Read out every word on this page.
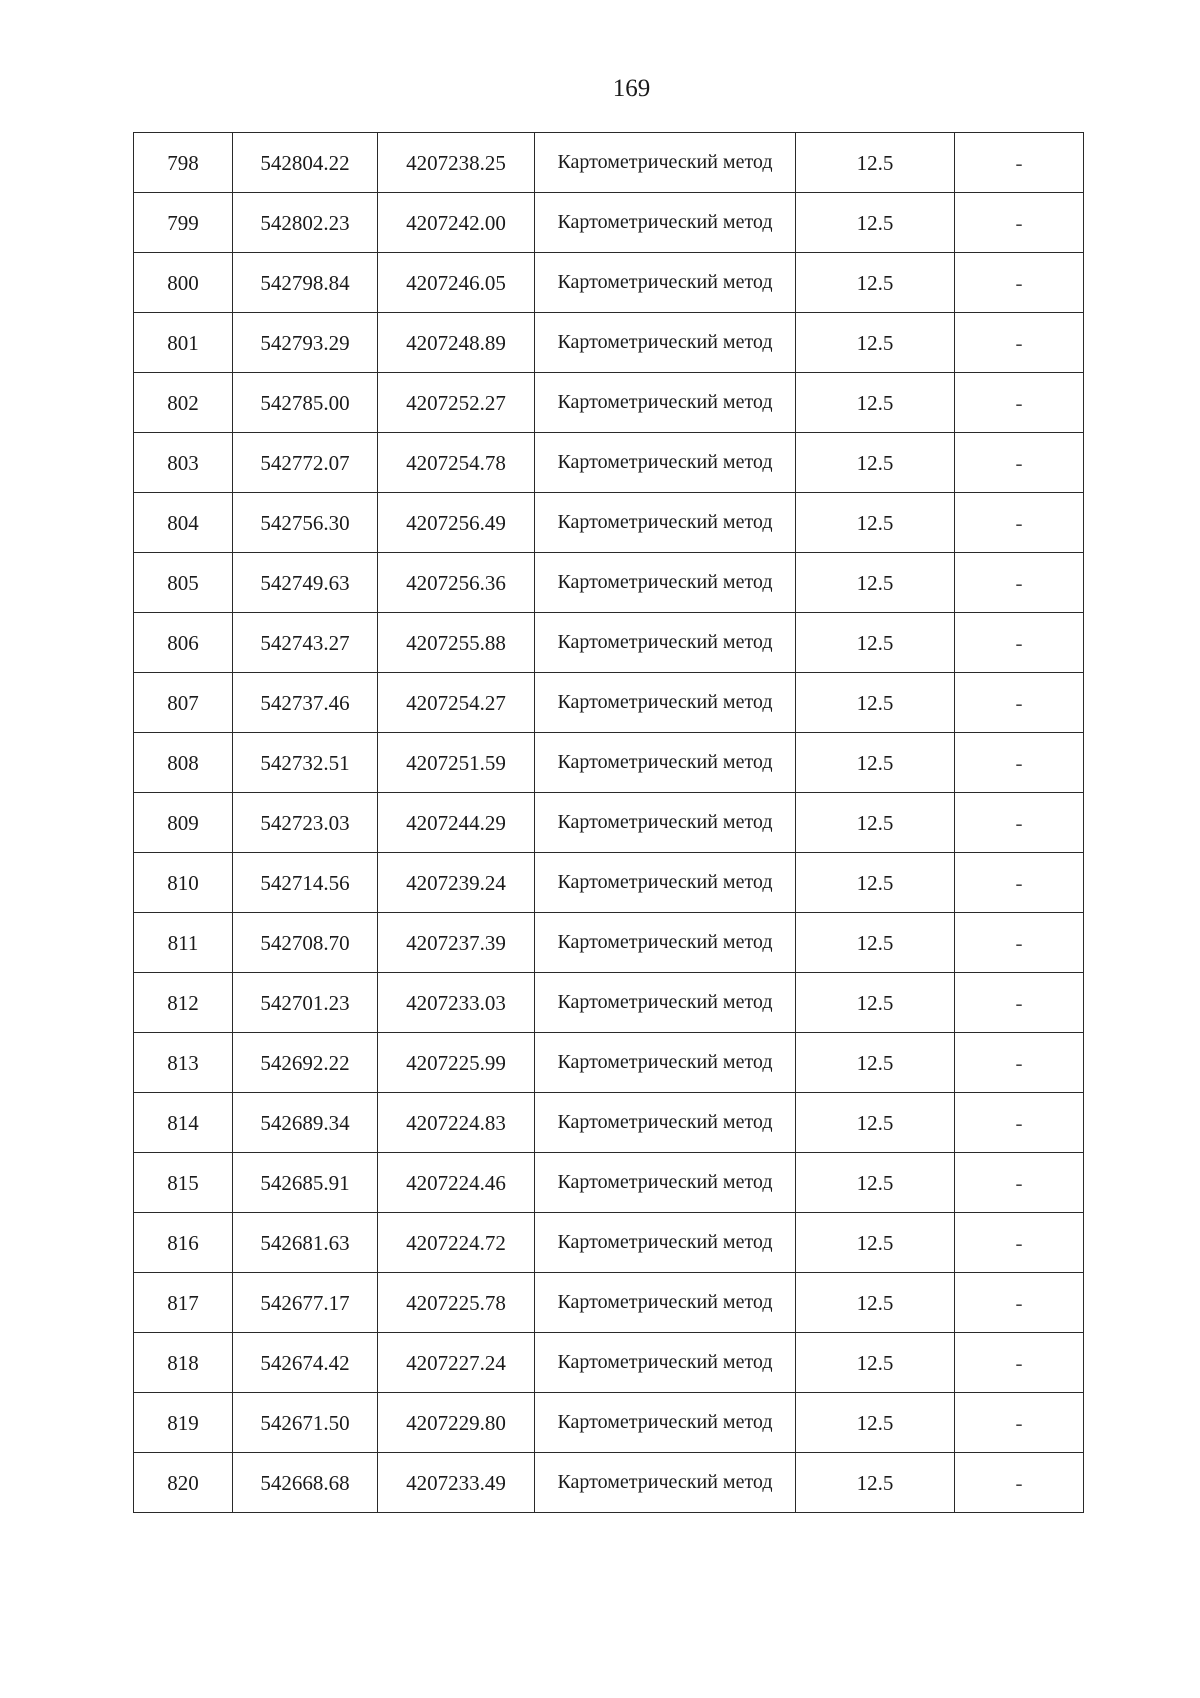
169
798	542804.22	4207238.25	Картометрический метод	12.5	-
799	542802.23	4207242.00	Картометрический метод	12.5	-
800	542798.84	4207246.05	Картометрический метод	12.5	-
801	542793.29	4207248.89	Картометрический метод	12.5	-
802	542785.00	4207252.27	Картометрический метод	12.5	-
803	542772.07	4207254.78	Картометрический метод	12.5	-
804	542756.30	4207256.49	Картометрический метод	12.5	-
805	542749.63	4207256.36	Картометрический метод	12.5	-
806	542743.27	4207255.88	Картометрический метод	12.5	-
807	542737.46	4207254.27	Картометрический метод	12.5	-
808	542732.51	4207251.59	Картометрический метод	12.5	-
809	542723.03	4207244.29	Картометрический метод	12.5	-
810	542714.56	4207239.24	Картометрический метод	12.5	-
811	542708.70	4207237.39	Картометрический метод	12.5	-
812	542701.23	4207233.03	Картометрический метод	12.5	-
813	542692.22	4207225.99	Картометрический метод	12.5	-
814	542689.34	4207224.83	Картометрический метод	12.5	-
815	542685.91	4207224.46	Картометрический метод	12.5	-
816	542681.63	4207224.72	Картометрический метод	12.5	-
817	542677.17	4207225.78	Картометрический метод	12.5	-
818	542674.42	4207227.24	Картометрический метод	12.5	-
819	542671.50	4207229.80	Картометрический метод	12.5	-
820	542668.68	4207233.49	Картометрический метод	12.5	-
